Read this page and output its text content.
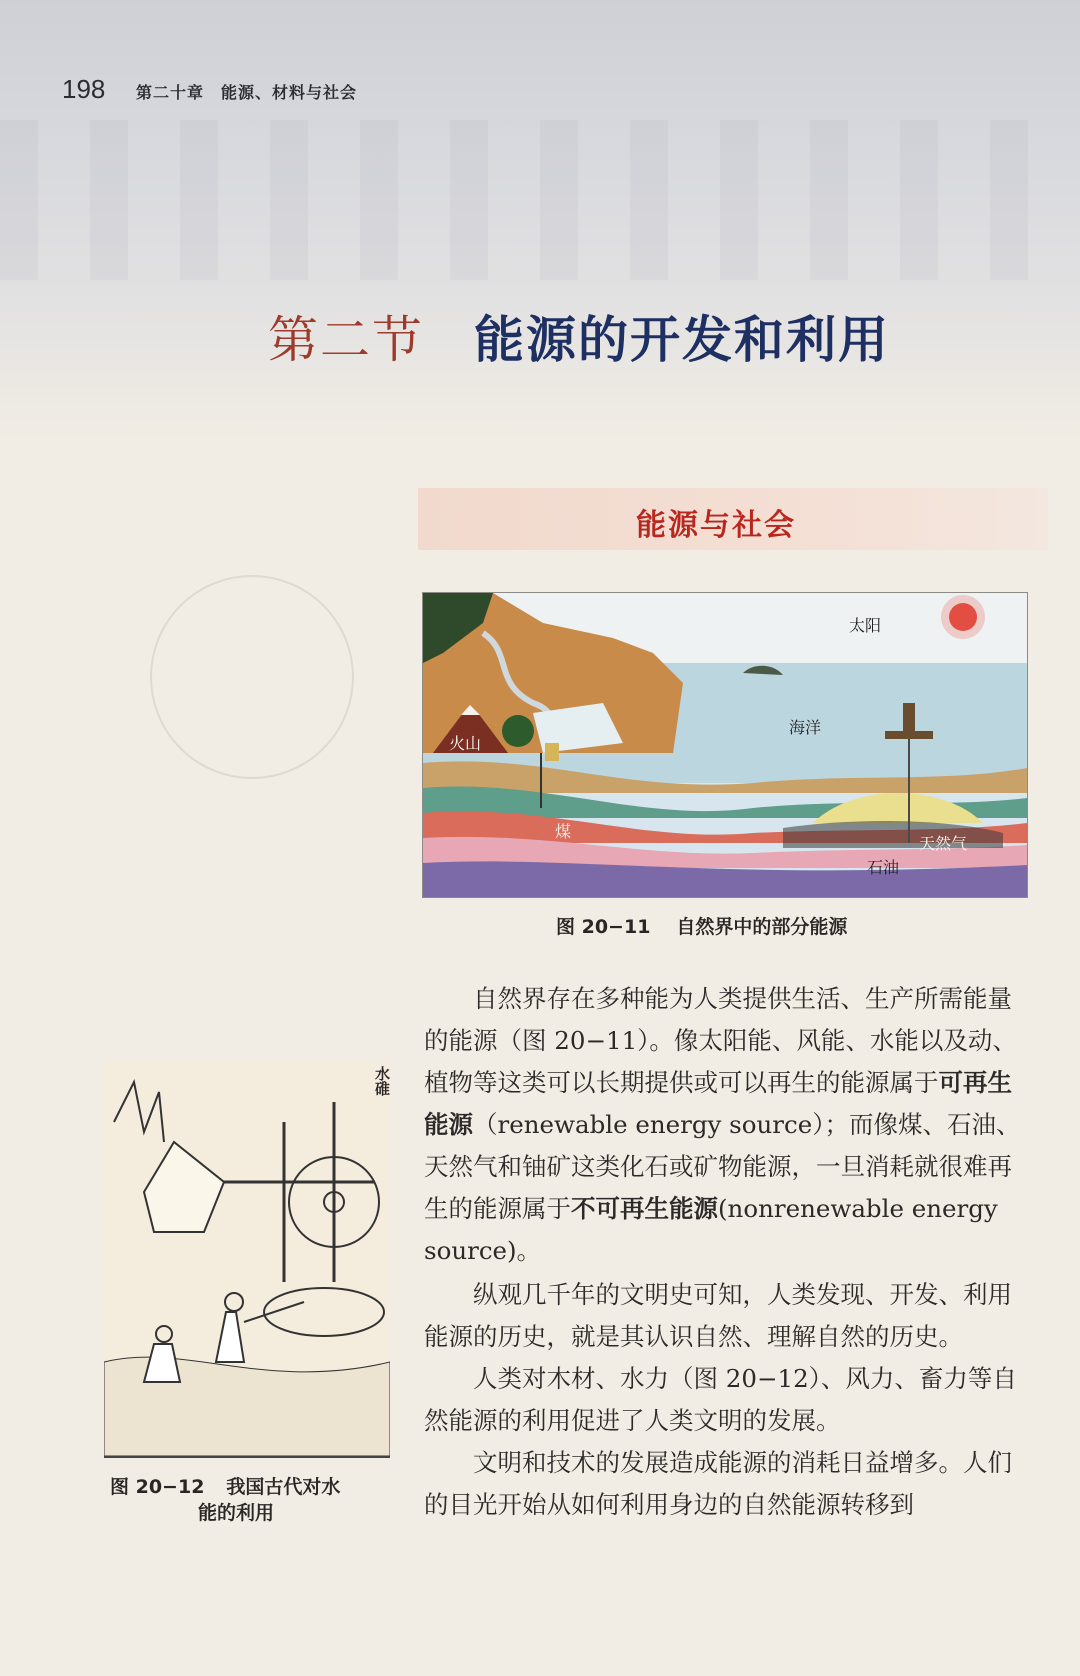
198 第二十章　能源、材料与社会
第二节 能源的开发和利用
能源与社会
太阳
海洋
火山
煤
天然气
石油
图 20−11 自然界中的部分能源

自然界存在多种能为人类提供生活、生产所需能量的能源（图 20−11）。像太阳能、风能、水能以及动、植物等这类可以长期提供或可以再生的能源属于可再生能源（renewable energy source）；而像煤、石油、天然气和铀矿这类化石或矿物能源，一旦消耗就很难再生的能源属于不可再生能源(nonrenewable energy source)。

纵观几千年的文明史可知，人类发现、开发、利用能源的历史，就是其认识自然、理解自然的历史。

人类对木材、水力（图 20−12）、风力、畜力等自然能源的利用促进了人类文明的发展。

文明和技术的发展造成能源的消耗日益增多。人们的目光开始从如何利用身边的自然能源转移到

水碓
图 20−12 我国古代对水
能的利用
